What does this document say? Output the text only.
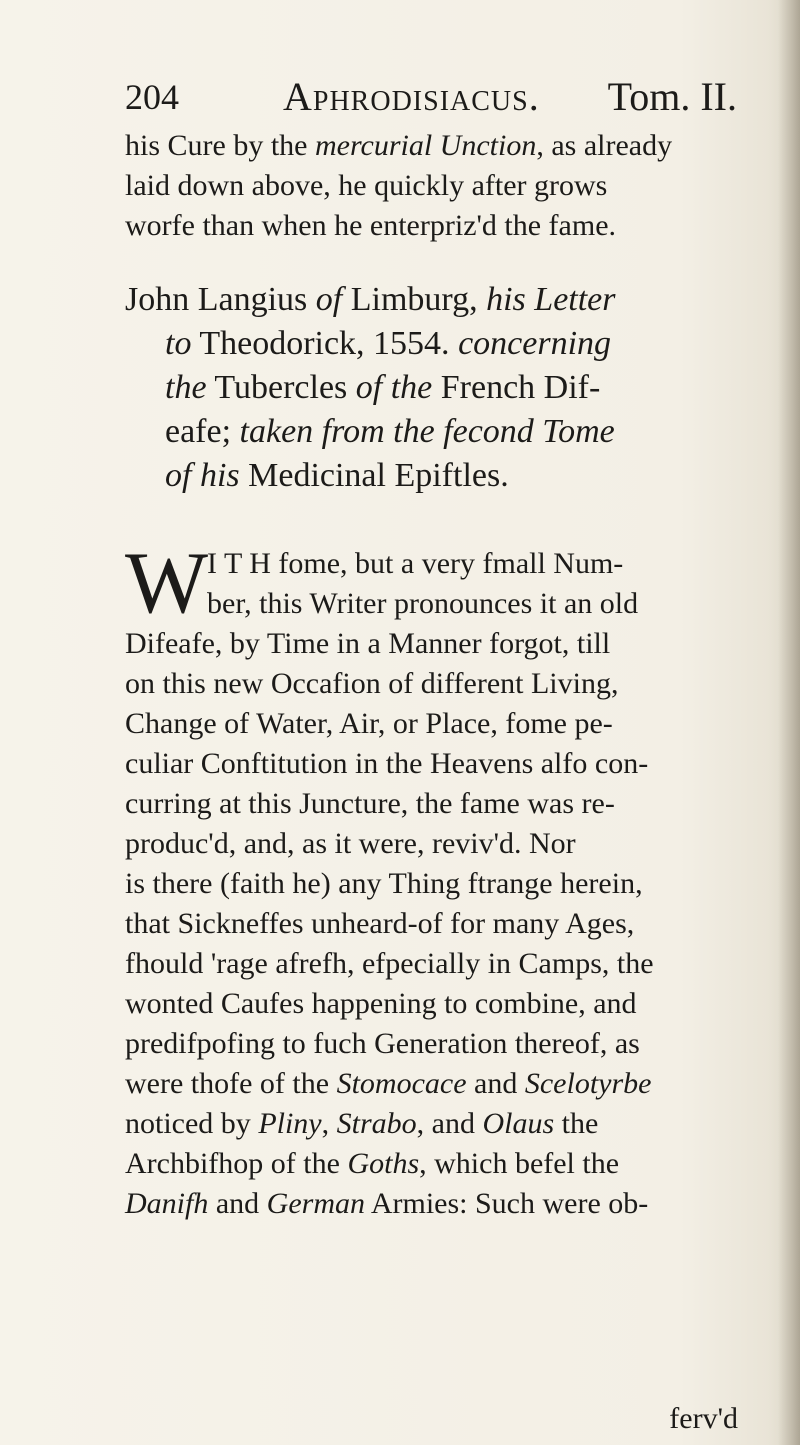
204	Aphrodisiacus. Tom. II.
his Cure by the mercurial Unction, as already
laid down above, he quickly after grows
worfe than when he enterpriz'd the fame.
John Langius of Limburg, his Letter
to Theodorick, 1554. concerning
the Tubercles of the French Dif-
eafe; taken from the fecond Tome
of his Medicinal Epiftles.
W
I T H fome, but a very fmall Num-
ber, this Writer pronounces it an old
Difeafe, by Time in a Manner forgot, till
on this new Occafion of different Living,
Change of Water, Air, or Place, fome pe-
culiar Conftitution in the Heavens alfo con-
curring at this Juncture, the fame was re-
produc'd, and, as it were, reviv'd. Nor
is there (faith he) any Thing ftrange herein,
that Sickneffes unheard-of for many Ages,
fhould 'rage afrefh, efpecially in Camps, the
wonted Caufes happening to combine, and
predifpofing to fuch Generation thereof, as
were thofe of the Stomocace and Scelotyrbe
noticed by Pliny, Strabo, and Olaus the
Archbifhop of the Goths, which befel the
Danifh and German Armies: Such were ob-
ferv'd
